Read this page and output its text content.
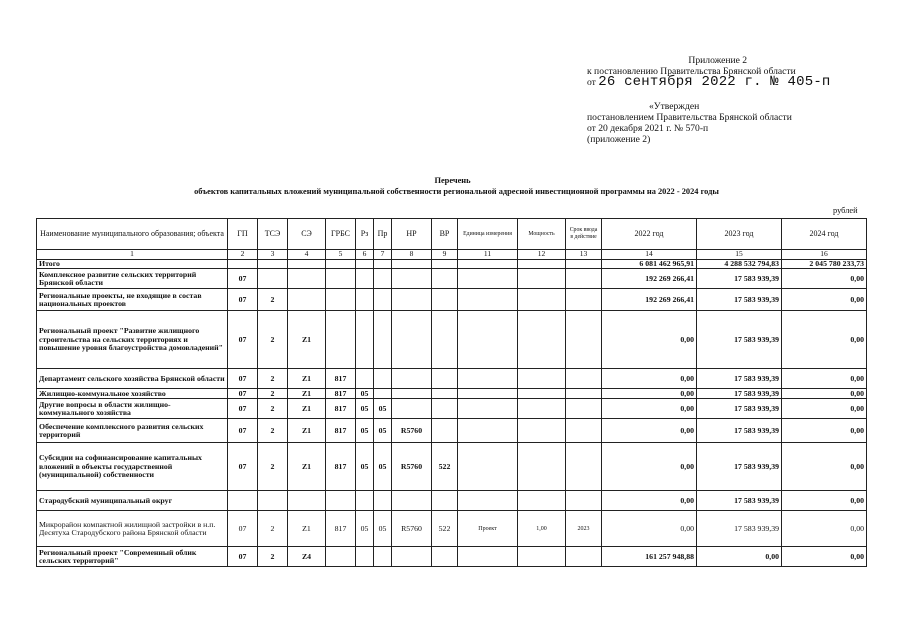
Приложение 2
к постановлению Правительства Брянской области
от 26 сентября 2022 г. № 405-п
«Утвержден
постановлением Правительства Брянской области
от 20 декабря 2021 г. № 570-п
(приложение 2)
Перечень
объектов капитальных вложений муниципальной собственности региональной адресной инвестиционной программы на 2022 - 2024 годы
рублей
Наименование муниципального образования; объекта	ГП	ТСЭ	СЭ	ГРБС	Рз	Пр	НР	ВР	Единица измерения	Мощность	Срок ввода в действие	2022 год	2023 год	2024 год
1	2	3	4	5	6	7	8	9	11	12	13	14	15	16
Итого												6 081 462 965,91	4 288 532 794,83	2 045 780 233,73
Комплексное развитие сельских территорий Брянской области	07											192 269 266,41	17 583 939,39	0,00
Региональные проекты, не входящие в состав национальных проектов	07	2										192 269 266,41	17 583 939,39	0,00
Региональный проект "Развитие жилищного строительства на сельских территориях и повышение уровня благоустройства домовладений"	07	2	Z1									0,00	17 583 939,39	0,00
Департамент сельского хозяйства Брянской области	07	2	Z1	817								0,00	17 583 939,39	0,00
Жилищно-коммунальное хозяйство	07	2	Z1	817	05							0,00	17 583 939,39	0,00
Другие вопросы в области жилищно-коммунального хозяйства	07	2	Z1	817	05	05						0,00	17 583 939,39	0,00
Обеспечение комплексного развития сельских территорий	07	2	Z1	817	05	05	R5760					0,00	17 583 939,39	0,00
Субсидии на софинансирование капитальных вложений в объекты государственной (муниципальной) собственности	07	2	Z1	817	05	05	R5760	522				0,00	17 583 939,39	0,00
Стародубский муниципальный округ												0,00	17 583 939,39	0,00
Микрорайон компактной жилищной застройки в н.п. Десятуха Стародубского района Брянской области	07	2	Z1	817	05	05	R5760	522	Проект	1,00	2023	0,00	17 583 939,39	0,00
Региональный проект "Современный облик сельских территорий"	07	2	Z4									161 257 948,88	0,00	0,00
